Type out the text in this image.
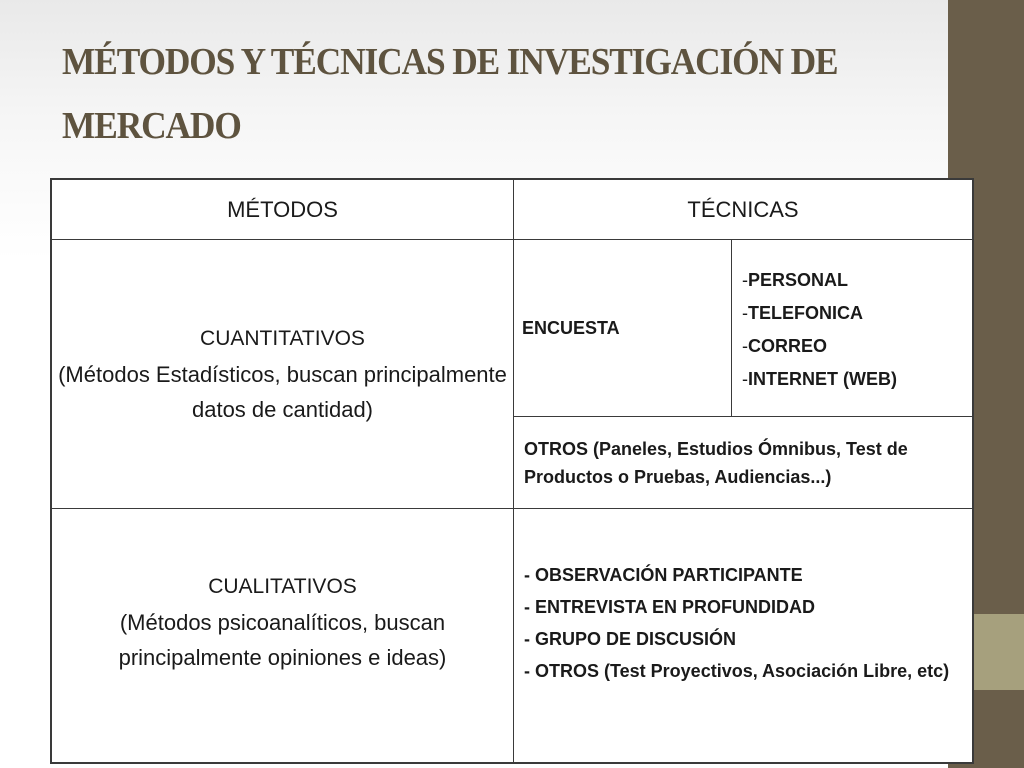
MÉTODOS Y TÉCNICAS DE INVESTIGACIÓN DE MERCADO
MÉTODOS	TÉCNICAS
CUANTITATIVOS
(Métodos Estadísticos, buscan principalmente datos de cantidad)
ENCUESTA
-PERSONAL
-TELEFONICA
-CORREO
-INTERNET (WEB)
OTROS (Paneles, Estudios Ómnibus, Test de Productos o Pruebas, Audiencias...)
CUALITATIVOS
(Métodos psicoanalíticos, buscan principalmente opiniones e ideas)
- OBSERVACIÓN PARTICIPANTE
- ENTREVISTA EN PROFUNDIDAD
- GRUPO DE DISCUSIÓN
- OTROS (Test Proyectivos, Asociación Libre, etc)
